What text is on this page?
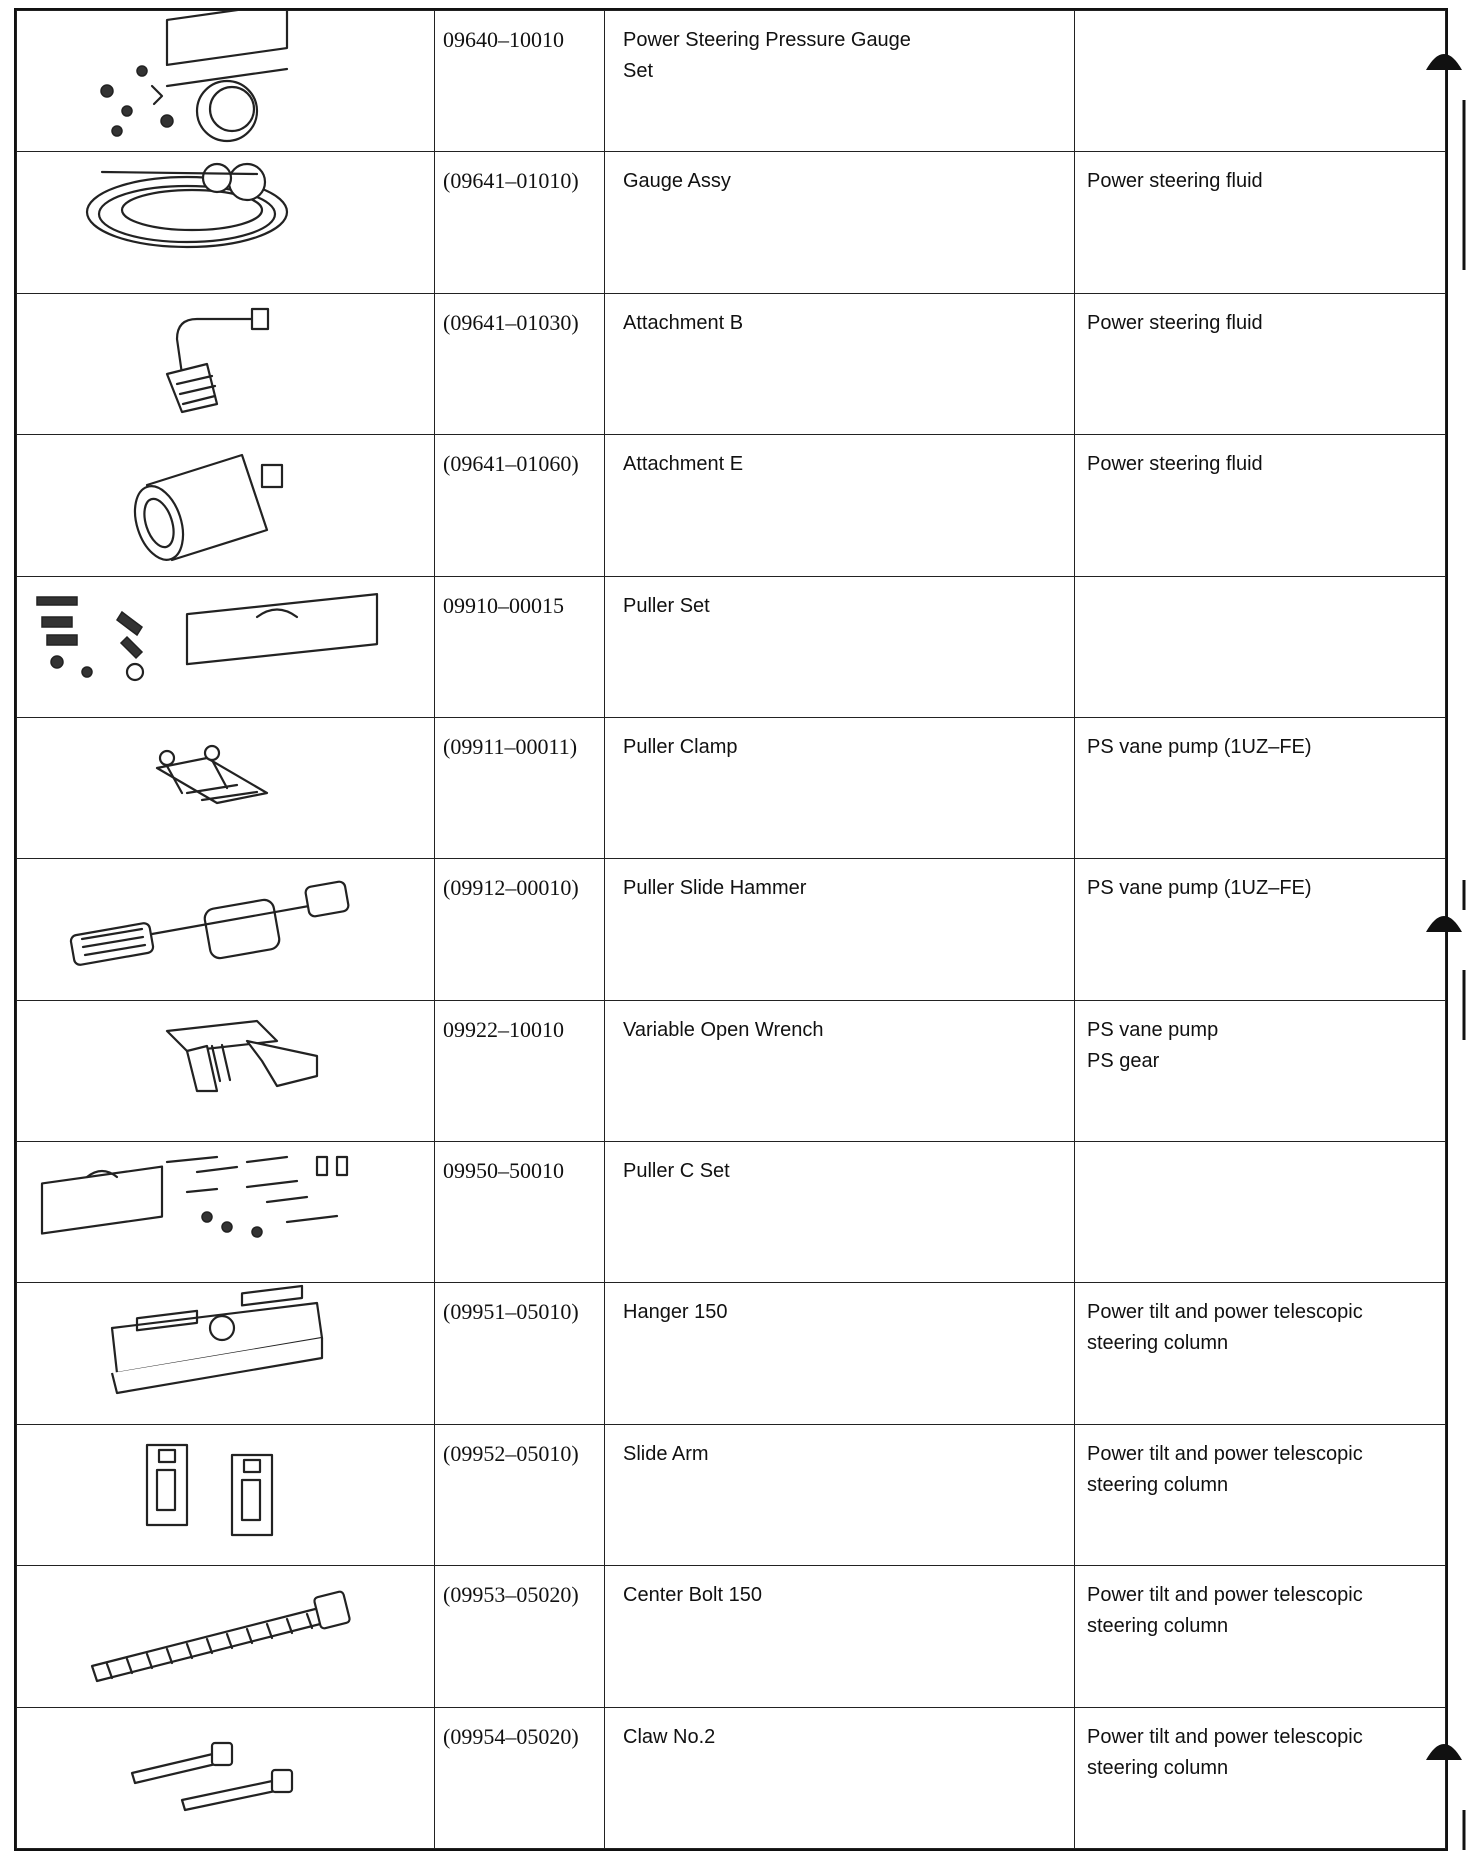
	09640–10010	Power Steering Pressure Gauge
Set	

	(09641–01010)	Gauge Assy	Power steering fluid

	(09641–01030)	Attachment B	Power steering fluid

	(09641–01060)	Attachment E	Power steering fluid

	09910–00015	Puller Set	

	(09911–00011)	Puller Clamp	PS vane pump (1UZ–FE)

	(09912–00010)	Puller Slide Hammer	PS vane pump (1UZ–FE)

	09922–10010	Variable Open Wrench	PS vane pump
PS gear

	09950–50010	Puller C Set	

	(09951–05010)	Hanger 150	Power tilt and power telescopic
steering column

	(09952–05010)	Slide Arm	Power tilt and power telescopic
steering column

	(09953–05020)	Center Bolt 150	Power tilt and power telescopic
steering column

	(09954–05020)	Claw No.2	Power tilt and power telescopic
steering column
